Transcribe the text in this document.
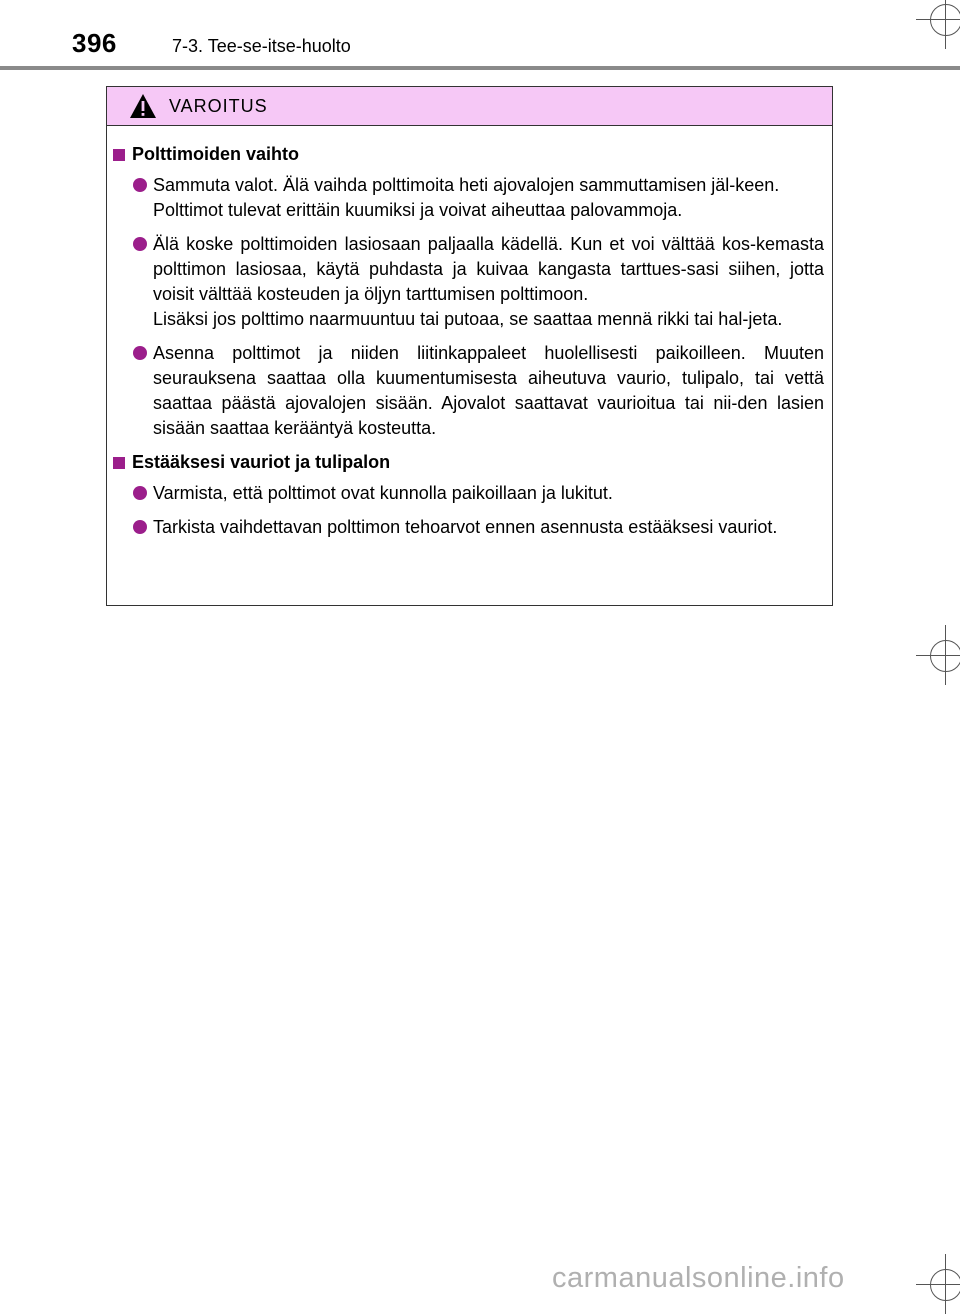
396	7-3. Tee-se-itse-huolto
VAROITUS
Polttimoiden vaihto

Sammuta valot. Älä vaihda polttimoita heti ajovalojen sammuttamisen jäl-keen.

Polttimot tulevat erittäin kuumiksi ja voivat aiheuttaa palovammoja.

Älä koske polttimoiden lasiosaan paljaalla kädellä. Kun et voi välttää kos-kemasta polttimon lasiosaa, käytä puhdasta ja kuivaa kangasta tarttues-sasi siihen, jotta voisit välttää kosteuden ja öljyn tarttumisen polttimoon.

Lisäksi jos polttimo naarmuuntuu tai putoaa, se saattaa mennä rikki tai hal-jeta.

Asenna polttimot ja niiden liitinkappaleet huolellisesti paikoilleen. Muuten seurauksena saattaa olla kuumentumisesta aiheutuva vaurio, tulipalo, tai vettä saattaa päästä ajovalojen sisään. Ajovalot saattavat vaurioitua tai nii-den lasien sisään saattaa kerääntyä kosteutta.

Estääksesi vauriot ja tulipalon

Varmista, että polttimot ovat kunnolla paikoillaan ja lukitut.

Tarkista vaihdettavan polttimon tehoarvot ennen asennusta estääksesi vauriot.

carmanualsonline.info
